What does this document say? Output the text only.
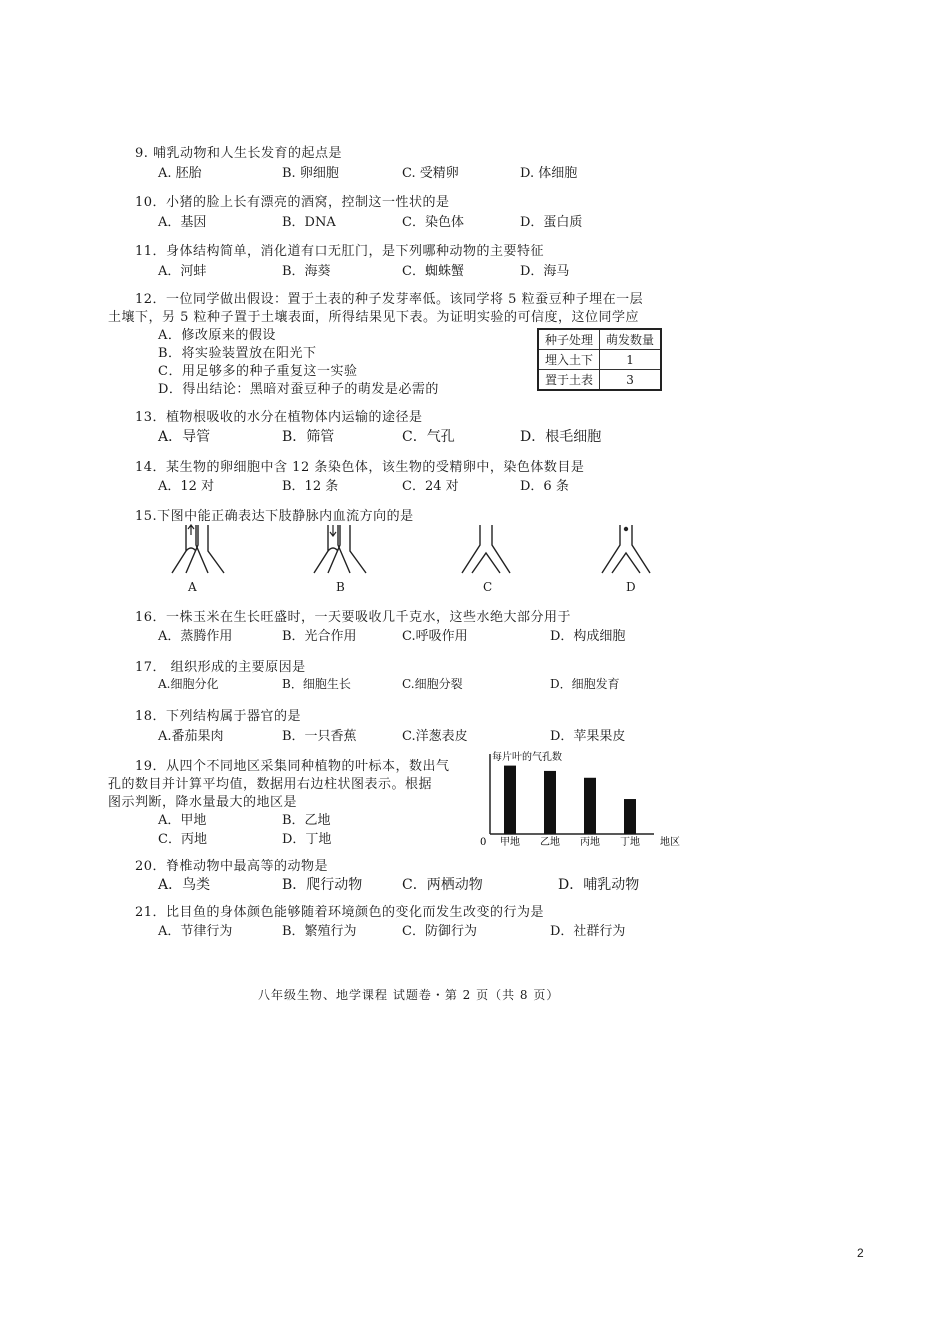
9. 哺乳动物和人生长发育的起点是
A. 胚胎	B. 卵细胞	C. 受精卵	D. 体细胞
10．小猪的脸上长有漂亮的酒窝，控制这一性状的是
A．基因	B．DNA	C．染色体	D．蛋白质
11．身体结构简单，消化道有口无肛门，是下列哪种动物的主要特征
A．河蚌	B．海葵	C．蜘蛛蟹	D．海马
12．一位同学做出假设：置于土表的种子发芽率低。该同学将 5 粒蚕豆种子埋在一层
土壤下，另 5 粒种子置于土壤表面，所得结果见下表。为证明实验的可信度，这位同学应
A．修改原来的假设
B．将实验装置放在阳光下
C．用足够多的种子重复这一实验
D．得出结论：黑暗对蚕豆种子的萌发是必需的
种子处理	萌发数量
埋入土下	1
置于土表	3
13．植物根吸收的水分在植物体内运输的途径是
A．导管	B．筛管	C．气孔	D．根毛细胞
14．某生物的卵细胞中含 12 条染色体，该生物的受精卵中，染色体数目是
A．12 对	B．12 条	C．24 对	D．6 条
15.下图中能正确表达下肢静脉内血流方向的是
A	B	C	D
16．一株玉米在生长旺盛时，一天要吸收几千克水，这些水绝大部分用于
A．蒸腾作用	B．光合作用	C.呼吸作用	D．构成细胞
17． 组织形成的主要原因是
A.细胞分化	B．细胞生长	C.细胞分裂	D．细胞发育
18．下列结构属于器官的是
A.番茄果肉	B．一只香蕉	C.洋葱表皮	D．苹果果皮
19．从四个不同地区采集同种植物的叶标本，数出气
孔的数目并计算平均值，数据用右边柱状图表示。根据
图示判断，降水量最大的地区是
A．甲地	B．乙地
C．丙地	D．丁地
每片叶的气孔数
0	地区
甲地 乙地 丙地 丁地
20．脊椎动物中最高等的动物是
A．鸟类	B．爬行动物	C．两栖动物	D．哺乳动物
21．比目鱼的身体颜色能够随着环境颜色的变化而发生改变的行为是
A．节律行为	B．繁殖行为	C．防御行为	D．社群行为
八年级生物、地学课程 试题卷・第 2 页（共 8 页）
2
